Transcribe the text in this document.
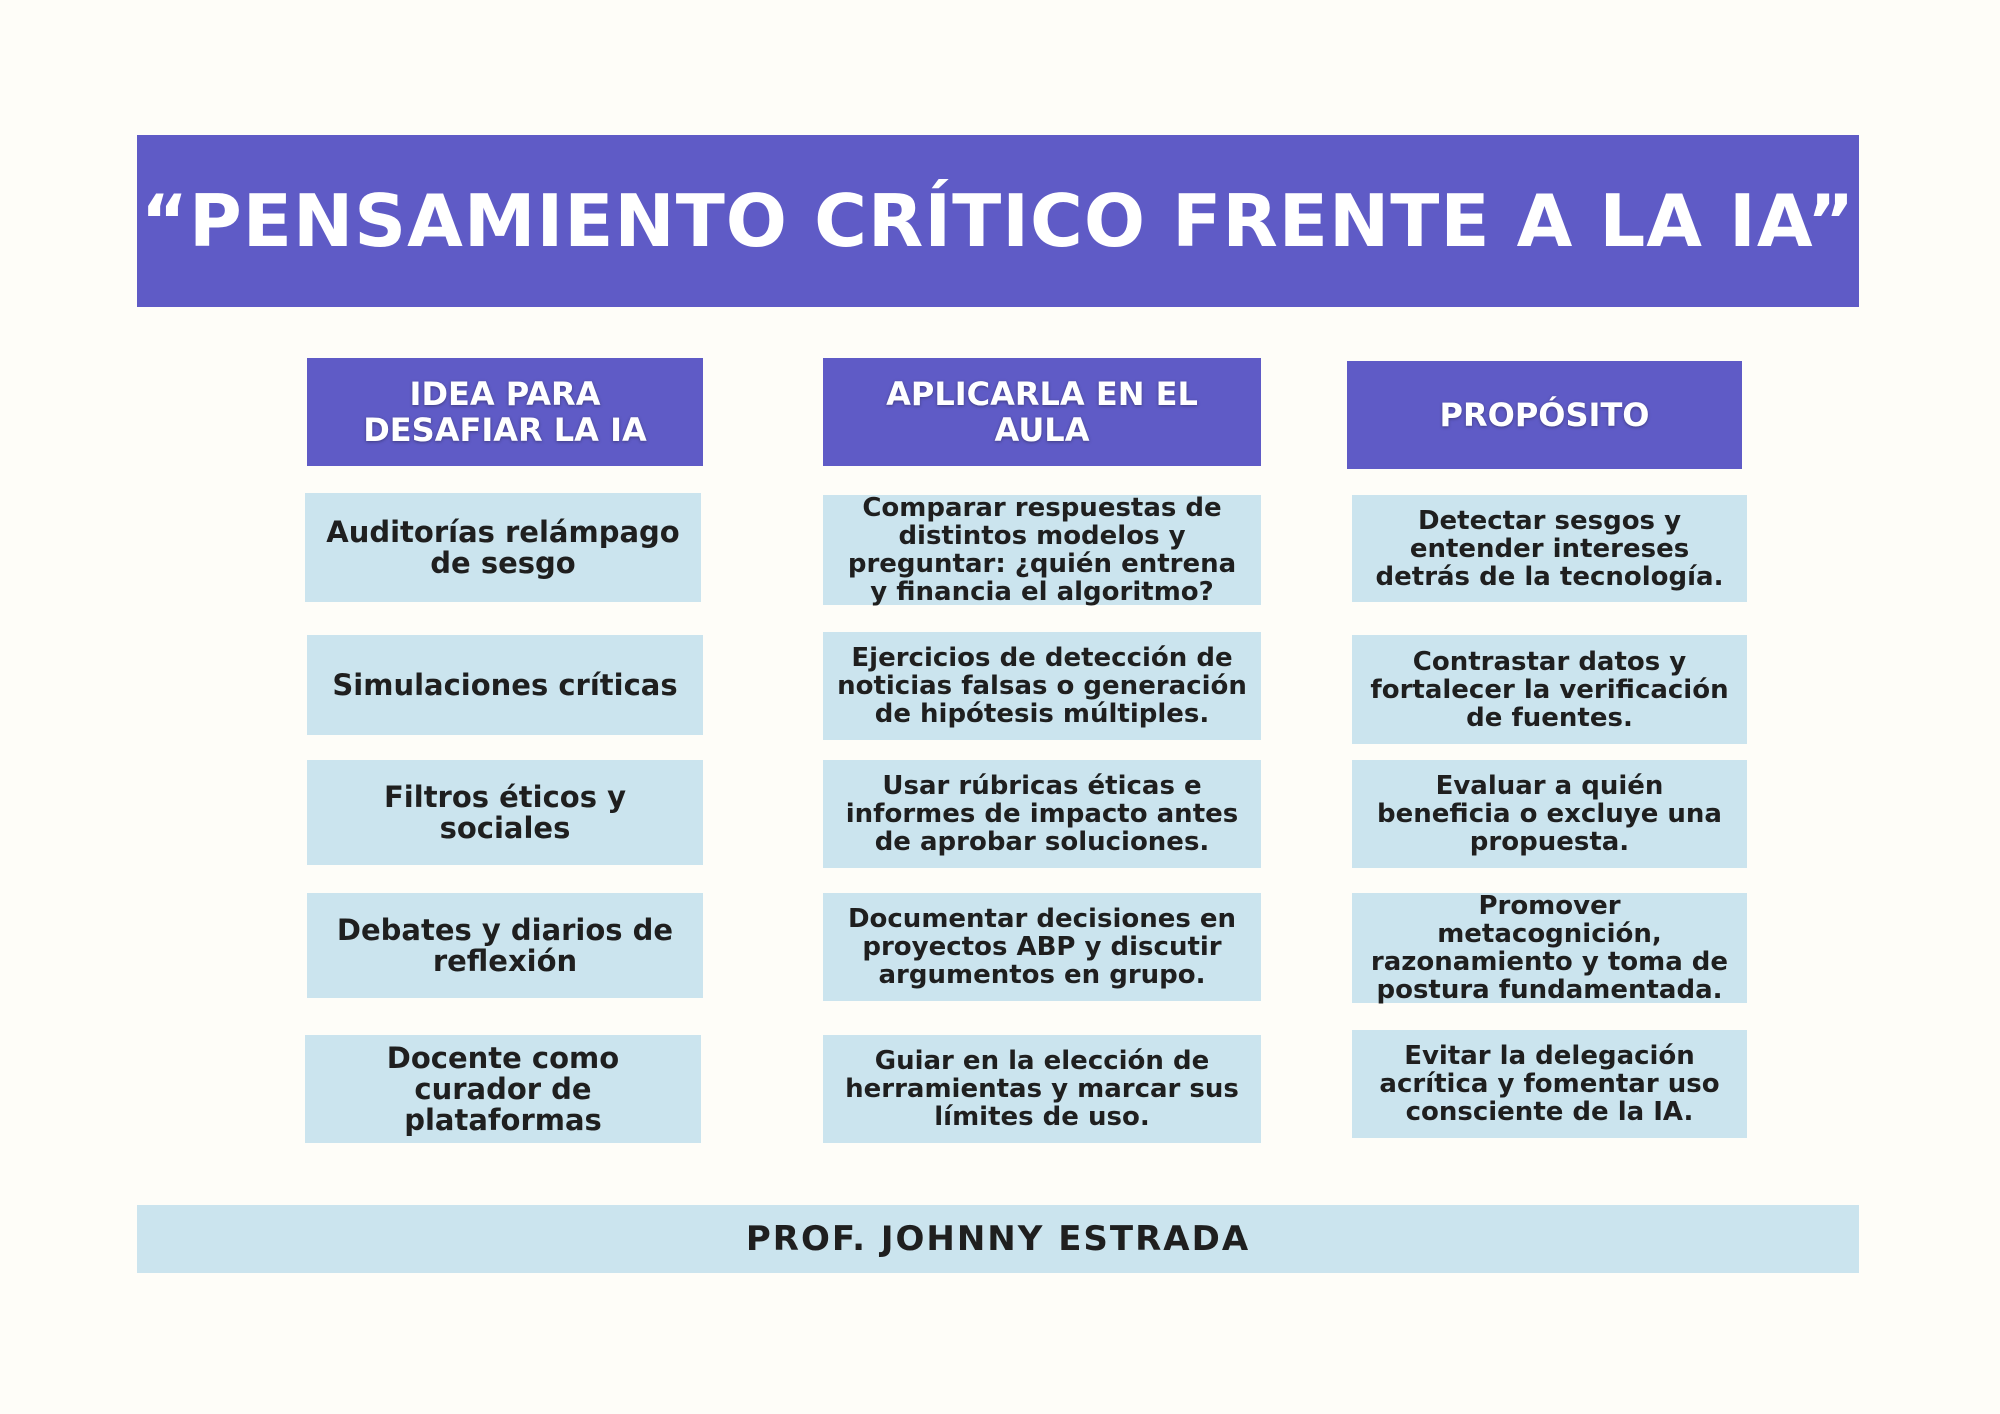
“PENSAMIENTO CRÍTICO FRENTE A LA IA”
IDEA PARA DESAFIAR LA IA
APLICARLA EN EL AULA	PROPÓSITO
Auditorías relámpago de sesgo
Comparar respuestas de distintos modelos y preguntar: ¿quién entrena y financia el algoritmo?
Detectar sesgos y entender intereses detrás de la tecnología.
Simulaciones críticas
Ejercicios de detección de noticias falsas o generación de hipótesis múltiples.
Contrastar datos y fortalecer la verificación de fuentes.
Filtros éticos y sociales
Usar rúbricas éticas e informes de impacto antes de aprobar soluciones.
Evaluar a quién beneficia o excluye una propuesta.
Debates y diarios de reflexión
Documentar decisiones en proyectos ABP y discutir argumentos en grupo.
Promover metacognición, razonamiento y toma de postura fundamentada.
Docente como curador de plataformas
Guiar en la elección de herramientas y marcar sus límites de uso.
Evitar la delegación acrítica y fomentar uso consciente de la IA.
PROF. JOHNNY ESTRADA
